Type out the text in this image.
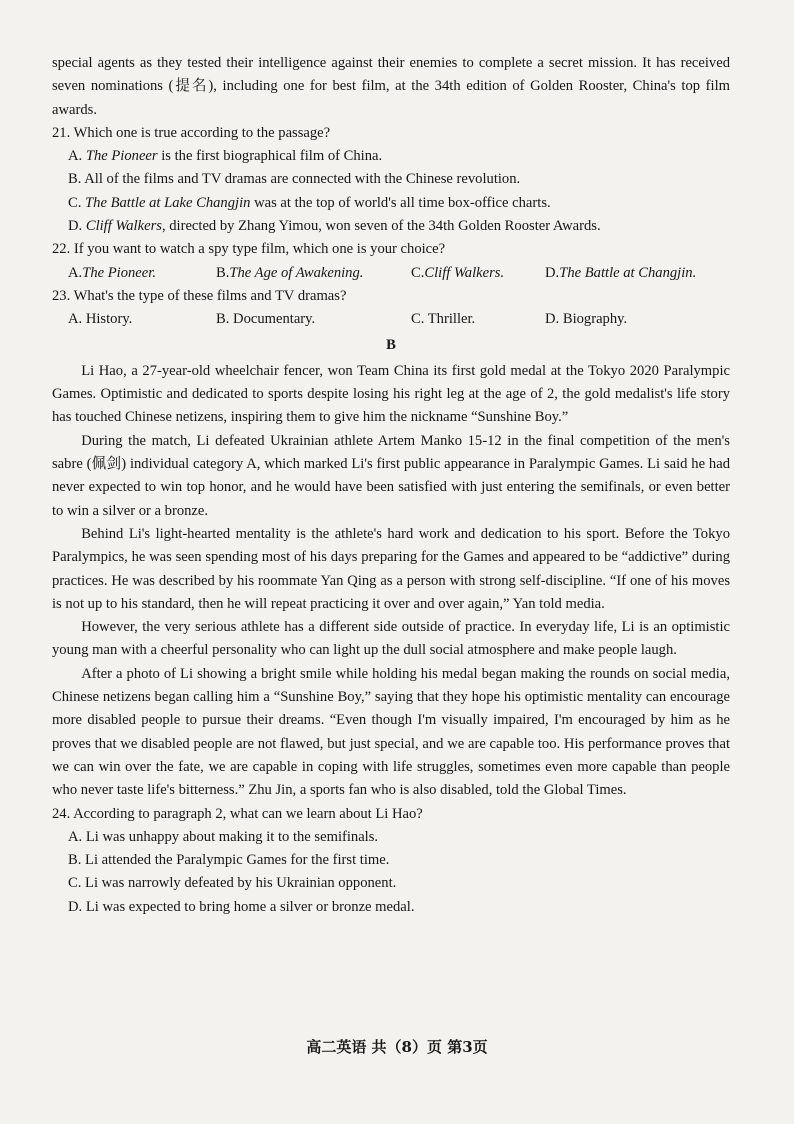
special agents as they tested their intelligence against their enemies to complete a secret mission. It has received seven nominations (提名), including one for best film, at the 34th edition of Golden Rooster, China's top film awards.

21. Which one is true according to the passage?

A. The Pioneer is the first biographical film of China.

B. All of the films and TV dramas are connected with the Chinese revolution.

C. The Battle at Lake Changjin was at the top of world's all time box-office charts.

D. Cliff Walkers, directed by Zhang Yimou, won seven of the 34th Golden Rooster Awards.

22. If you want to watch a spy type film, which one is your choice?

A.The Pioneer.	B.The Age of Awakening.	C.Cliff Walkers.	D.The Battle at Changjin.

23. What's the type of these films and TV dramas?

A. History.	B. Documentary.	C. Thriller.	D. Biography.

B

Li Hao, a 27-year-old wheelchair fencer, won Team China its first gold medal at the Tokyo 2020 Paralympic Games. Optimistic and dedicated to sports despite losing his right leg at the age of 2, the gold medalist's life story has touched Chinese netizens, inspiring them to give him the nickname “Sunshine Boy.”

During the match, Li defeated Ukrainian athlete Artem Manko 15-12 in the final competition of the men's sabre (佩剑) individual category A, which marked Li's first public appearance in Paralympic Games. Li said he had never expected to win top honor, and he would have been satisfied with just entering the semifinals, or even better to win a silver or a bronze.

Behind Li's light-hearted mentality is the athlete's hard work and dedication to his sport. Before the Tokyo Paralympics, he was seen spending most of his days preparing for the Games and appeared to be “addictive” during practices. He was described by his roommate Yan Qing as a person with strong self-discipline. “If one of his moves is not up to his standard, then he will repeat practicing it over and over again,” Yan told media.

However, the very serious athlete has a different side outside of practice. In everyday life, Li is an optimistic young man with a cheerful personality who can light up the dull social atmosphere and make people laugh.

After a photo of Li showing a bright smile while holding his medal began making the rounds on social media, Chinese netizens began calling him a “Sunshine Boy,” saying that they hope his optimistic mentality can encourage more disabled people to pursue their dreams. “Even though I'm visually impaired, I'm encouraged by him as he proves that we disabled people are not flawed, but just special, and we are capable too. His performance proves that we can win over the fate, we are capable in coping with life struggles, sometimes even more capable than people who never taste life's bitterness.” Zhu Jin, a sports fan who is also disabled, told the Global Times.

24. According to paragraph 2, what can we learn about Li Hao?

A. Li was unhappy about making it to the semifinals.

B. Li attended the Paralympic Games for the first time.

C. Li was narrowly defeated by his Ukrainian opponent.

D. Li was expected to bring home a silver or bronze medal.

高二英语 共（8）页 第3页
